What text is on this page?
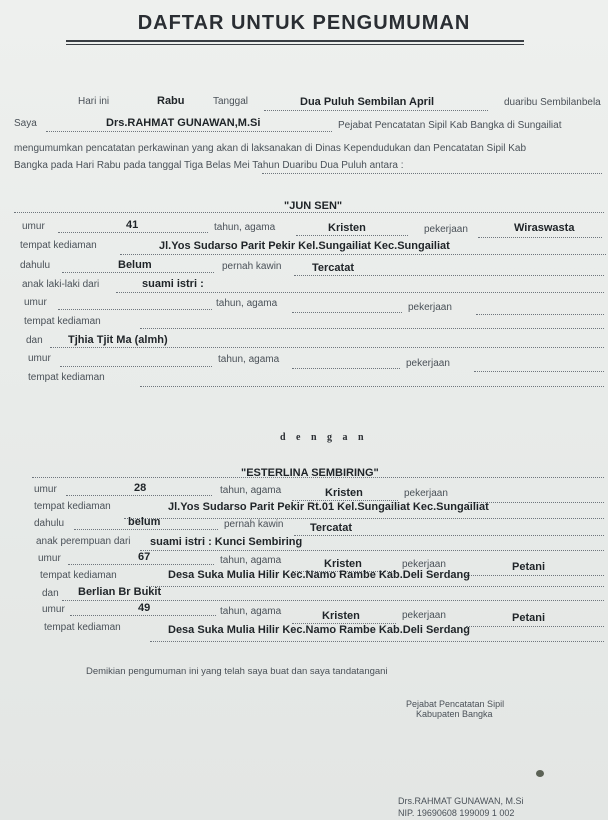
DAFTAR UNTUK PENGUMUMAN
Hari ini	Rabu	Tanggal	Dua Puluh Sembilan April	duaribu Sembilanbela
Saya	Drs.RAHMAT GUNAWAN,M.Si	Pejabat Pencatatan Sipil Kab Bangka di Sungailiat
mengumumkan pencatatan perkawinan yang akan di laksanakan di Dinas Kependudukan dan Pencatatan Sipil Kab
Bangka pada Hari Rabu pada tanggal Tiga Belas Mei Tahun Duaribu Dua Puluh antara :
"JUN SEN"
umur	41	tahun, agama	Kristen	pekerjaan	Wiraswasta
tempat kediaman	Jl.Yos Sudarso Parit Pekir Kel.Sungailiat Kec.Sungailiat
dahulu	Belum	pernah kawin	Tercatat
anak laki-laki dari	suami istri :
umur	tahun, agama	pekerjaan
tempat kediaman
dan Tjhia Tjit Ma (almh)
umur	tahun, agama	pekerjaan
tempat kediaman
d e n g a n
"ESTERLINA SEMBIRING"
umur	28	tahun, agama	Kristen	pekerjaan
tempat kediaman	Jl.Yos Sudarso Parit Pekir Rt.01 Kel.Sungailiat Kec.Sungailiat
dahulu	belum	pernah kawin Tercatat
anak perempuan dari suami istri : Kunci Sembiring
umur	67	tahun, agama	Kristen	pekerjaan	Petani
tempat kediaman	Desa Suka Mulia Hilir Kec.Namo Rambe Kab.Deli Serdang
dan Berlian Br Bukit
umur	49	tahun, agama	Kristen	pekerjaan	Petani
tempat kediaman	Desa Suka Mulia Hilir Kec.Namo Rambe Kab.Deli Serdang
Demikian pengumuman ini yang telah saya buat dan saya tandatangani
Pejabat Pencatatan Sipil
Kabupaten Bangka
Drs.RAHMAT GUNAWAN, M.Si
NIP. 19690608 199009 1 002
